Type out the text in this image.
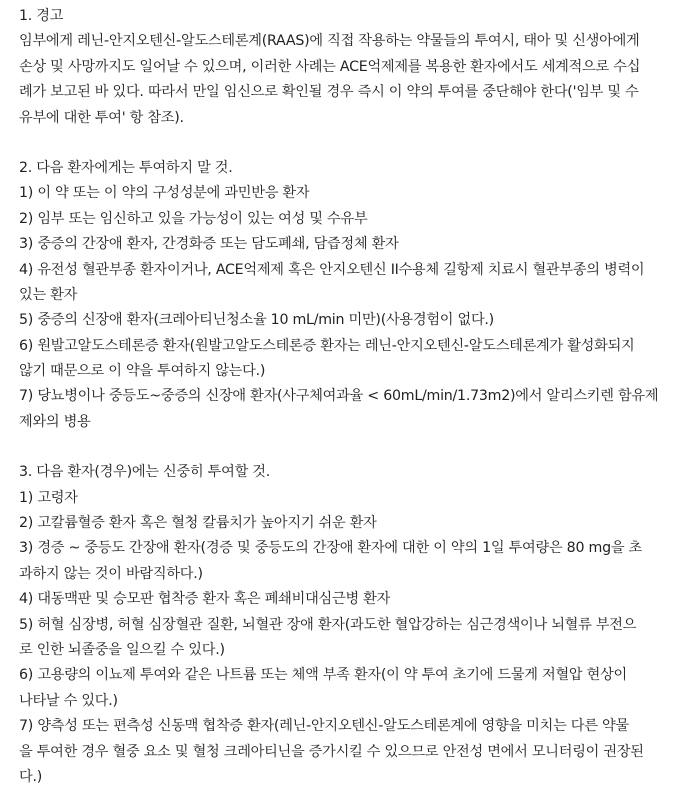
1. 경고
임부에게 레닌-안지오텐신-알도스테론계(RAAS)에 직접 작용하는 약물들의 투여시, 태아 및 신생아에게
손상 및 사망까지도 일어날 수 있으며, 이러한 사례는 ACE억제제를 복용한 환자에서도 세계적으로 수십
례가 보고된 바 있다. 따라서 만일 임신으로 확인될 경우 즉시 이 약의 투여를 중단해야 한다('임부 및 수
유부에 대한 투여' 항 참조).
2. 다음 환자에게는 투여하지 말 것.
1) 이 약 또는 이 약의 구성성분에 과민반응 환자
2) 임부 또는 임신하고 있을 가능성이 있는 여성 및 수유부
3) 중증의 간장애 환자, 간경화증 또는 담도폐쇄, 담즙정체 환자
4) 유전성 혈관부종 환자이거나, ACE억제제 혹은 안지오텐신 II수용체 길항제 치료시 혈관부종의 병력이
있는 환자
5) 중증의 신장애 환자(크레아티닌청소율 10 mL/min 미만)(사용경험이 없다.)
6) 원발고알도스테론증 환자(원발고알도스테론증 환자는 레닌-안지오텐신-알도스테론계가 활성화되지
않기 때문으로 이 약을 투여하지 않는다.)
7) 당뇨병이나 중등도~중증의 신장애 환자(사구체여과율 < 60mL/min/1.73m2)에서 알리스키렌 함유제
제와의 병용
3. 다음 환자(경우)에는 신중히 투여할 것.
1) 고령자
2) 고칼륨혈증 환자 혹은 혈청 칼륨치가 높아지기 쉬운 환자
3) 경증 ~ 중등도 간장애 환자(경증 및 중등도의 간장애 환자에 대한 이 약의 1일 투여량은 80 mg을 초
과하지 않는 것이 바람직하다.)
4) 대동맥판 및 승모판 협착증 환자 혹은 폐쇄비대심근병 환자
5) 허혈 심장병, 허혈 심장혈관 질환, 뇌혈관 장애 환자(과도한 혈압강하는 심근경색이나 뇌혈류 부전으
로 인한 뇌졸중을 일으킬 수 있다.)
6) 고용량의 이뇨제 투여와 같은 나트륨 또는 체액 부족 환자(이 약 투여 초기에 드물게 저혈압 현상이
나타날 수 있다.)
7) 양측성 또는 편측성 신동맥 협착증 환자(레닌-안지오텐신-알도스테론계에 영향을 미치는 다른 약물
을 투여한 경우 혈중 요소 및 혈청 크레아티닌을 증가시킬 수 있으므로 안전성 면에서 모니터링이 권장된
다.)
